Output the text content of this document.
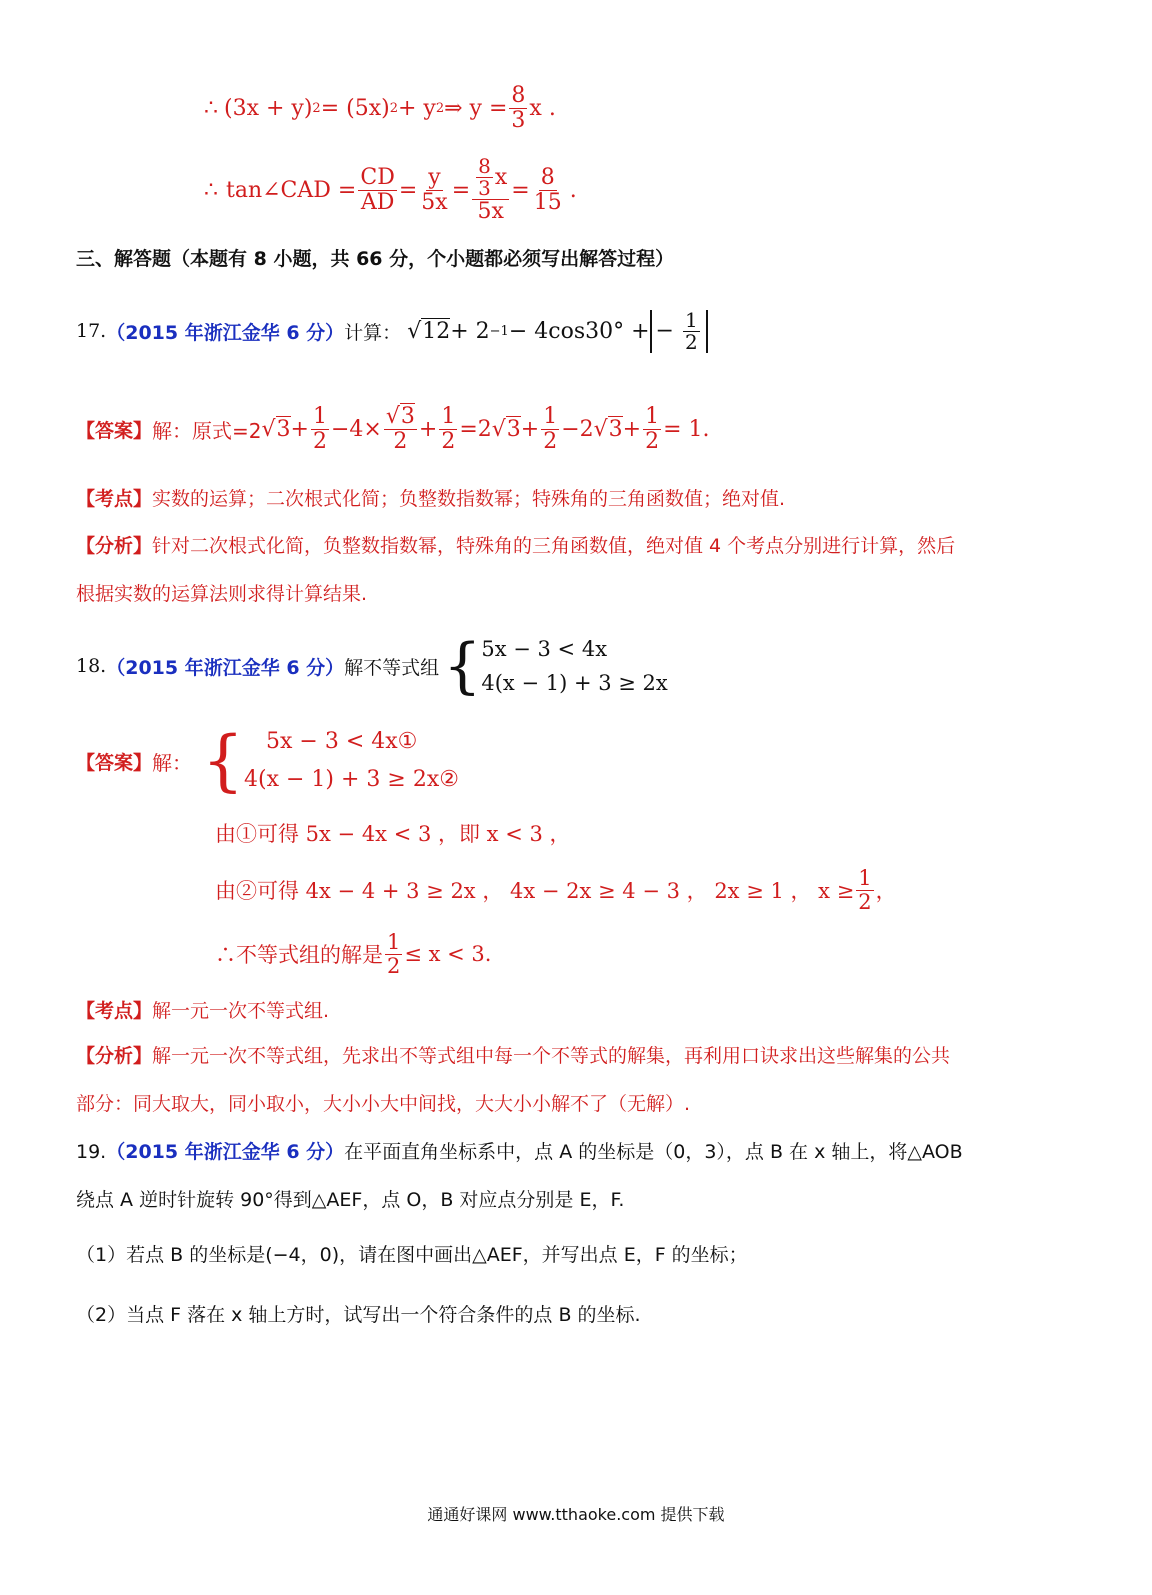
∴ (3x + y) 2 = (5x) 2 + y 2 ⇒ $y = \frac{8}{3}$ x .
∴ tan∠CAD = $\frac{CD}{AD} = \frac{y}{5x} = \frac{\frac{8}{3} x}{5x} = \frac{8}{15}$ .
三、解答题（本题有 8 小题，共 66 分，个小题都必须写出解答过程）
17. （2015 年浙江金华 6 分） 计算： √ 12 + 2 −1 − 4cos30° + − $\frac{1}{2}$
【答案】 解：原式=2 √ $3 + \frac{1}{2} -4\times \frac{√3}{2} + \frac{1}{2} = 2√$ $3 + \frac{1}{2} -2√$ $3 + \frac{1}{2} = 1$.
【考点】实数的运算；二次根式化简；负整数指数幂；特殊角的三角函数值；绝对值.
【分析】针对二次根式化简，负整数指数幂，特殊角的三角函数值，绝对值 4 个考点分别进行计算，然后
根据实数的运算法则求得计算结果.
18. （2015 年浙江金华 6 分） 解不等式组 { 5x − 3 < 4x
4(x − 1) + 3 ≥ 2x
【答案】 解： {	5x − 3 < 4x①
4(x − 1) + 3 ≥ 2x②
由①可得 5x − 4x < 3 ，即 x < 3 ，
由②可得 4x − 4 + 3 ≥ 2x ， 4x − 2x ≥ 4 − 3 ， 2x ≥ 1 ， $x \ge \frac{1}{2}$ ，
∴不等式组的解是 $\frac{1}{2} \le x < 3$.
【考点】解一元一次不等式组.
【分析】解一元一次不等式组，先求出不等式组中每一个不等式的解集，再利用口诀求出这些解集的公共
部分：同大取大，同小取小，大小小大中间找，大大小小解不了（无解）.
19.（2015 年浙江金华 6 分）在平面直角坐标系中，点 A 的坐标是（0，3），点 B 在 x 轴上，将△AOB
绕点 A 逆时针旋转 90°得到△AEF，点 O，B 对应点分别是 E，F.
（1）若点 B 的坐标是(−4，0)，请在图中画出△AEF，并写出点 E，F 的坐标；
（2）当点 F 落在 x 轴上方时，试写出一个符合条件的点 B 的坐标.
通通好课网 www.tthaoke.com 提供下载
